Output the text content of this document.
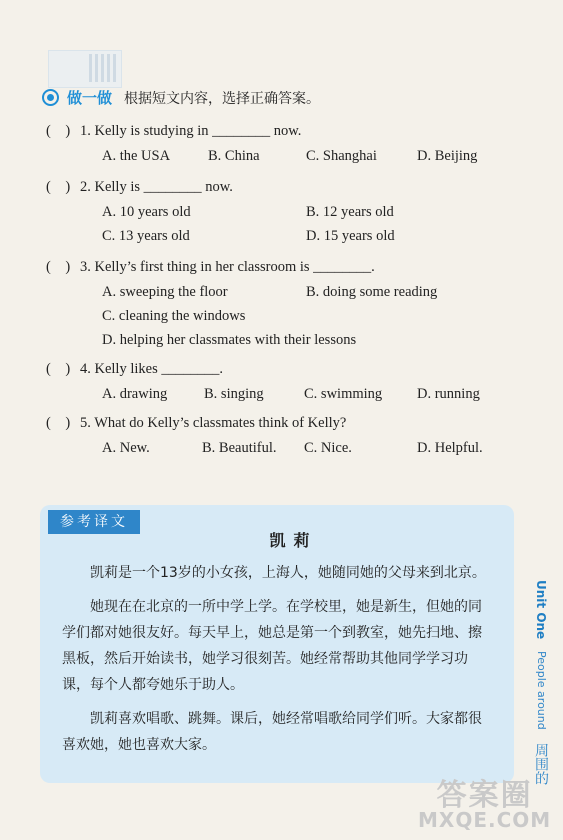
做一做 根据短文内容，选择正确答案。
(    ) 1. Kelly is studying in ________ now.
A. the USA	B. China	C. Shanghai	D. Beijing
(    ) 2. Kelly is ________ now.
A. 10 years old	B. 12 years old
C. 13 years old	D. 15 years old
(    ) 3. Kelly’s first thing in her classroom is ________.
A. sweeping the floor	B. doing some reading
C. cleaning the windows
D. helping her classmates with their lessons
(    ) 4. Kelly likes ________.
A. drawing	B. singing	C. swimming D. running
(    ) 5. What do Kelly’s classmates think of Kelly?
A. New.	B. Beautiful. C. Nice.	D. Helpful.
参考译文
凯莉

凯莉是一个13岁的小女孩，上海人，她随同她的父母来到北京。

她现在在北京的一所中学上学。在学校里，她是新生，但她的同学们都对她很友好。每天早上，她总是第一个到教室，她先扫地、擦黑板，然后开始读书，她学习很刻苦。她经常帮助其他同学学习功课，每个人都夸她乐于助人。

凯莉喜欢唱歌、跳舞。课后，她经常唱歌给同学们听。大家都很喜欢她，她也喜欢大家。

Unit One People around 周围的
答案圈
MXQE.COM
